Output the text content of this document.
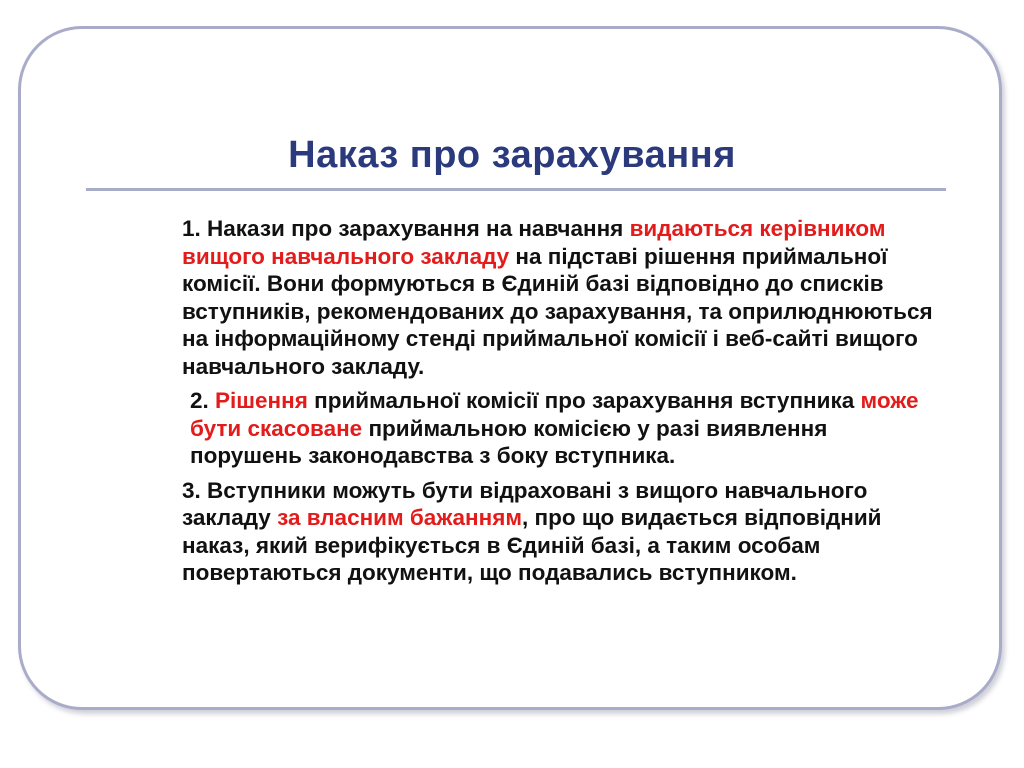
Наказ про зарахування

1. Накази про зарахування на навчання видаються керівником вищого навчального закладу на підставі рішення приймальної комісії. Вони формуються в Єдиній базі відповідно до списків вступників, рекомендованих до зарахування, та оприлюднюються на інформаційному стенді приймальної комісії і веб-сайті вищого навчального закладу.

2. Рішення приймальної комісії про зарахування вступника може бути скасоване приймальною комісією у разі виявлення порушень законодавства з боку вступника.

3. Вступники можуть бути відраховані з вищого навчального закладу за власним бажанням, про що видається відповідний наказ, який верифікується в Єдиній базі, а таким особам повертаються документи, що подавались вступником.
